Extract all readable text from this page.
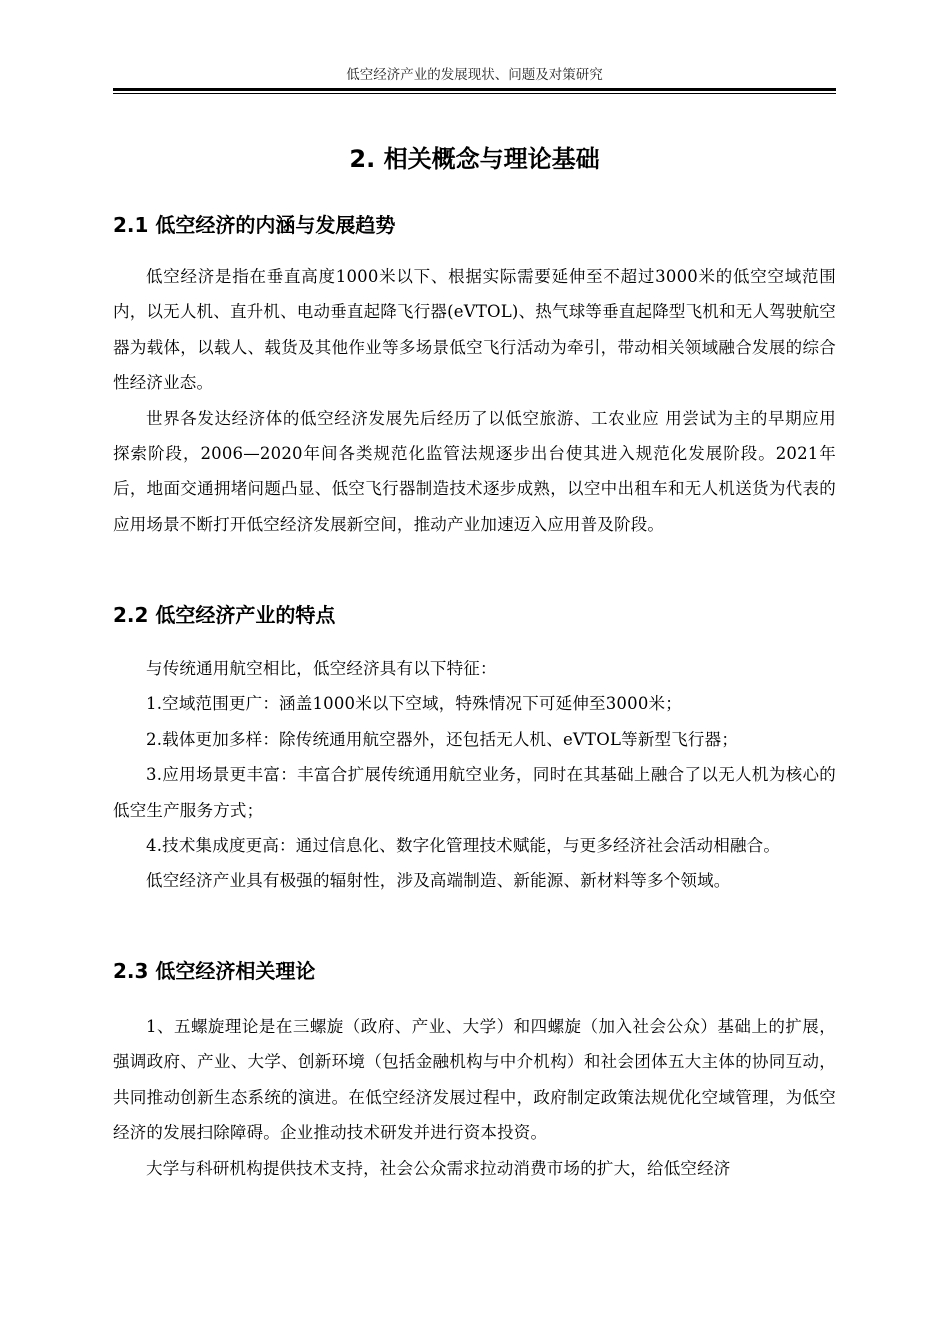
低空经济产业的发展现状、问题及对策研究
2. 相关概念与理论基础
2.1 低空经济的内涵与发展趋势

低空经济是指在垂直高度1000米以下、根据实际需要延伸至不超过3000米的低空空域范围内，以无人机、直升机、电动垂直起降飞行器(eVTOL)、热气球等垂直起降型飞机和无人驾驶航空器为载体，以载人、载货及其他作业等多场景低空飞行活动为牵引，带动相关领域融合发展的综合性经济业态。

世界各发达经济体的低空经济发展先后经历了以低空旅游、工农业应 用尝试为主的早期应用探索阶段，2006—2020年间各类规范化监管法规逐步出台使其进入规范化发展阶段。2021年后，地面交通拥堵问题凸显、低空飞行器制造技术逐步成熟，以空中出租车和无人机送货为代表的应用场景不断打开低空经济发展新空间，推动产业加速迈入应用普及阶段。

2.2 低空经济产业的特点

与传统通用航空相比，低空经济具有以下特征：

1.空域范围更广：涵盖1000米以下空域，特殊情况下可延伸至3000米；

2.载体更加多样：除传统通用航空器外，还包括无人机、eVTOL等新型飞行器；

3.应用场景更丰富：丰富合扩展传统通用航空业务，同时在其基础上融合了以无人机为核心的低空生产服务方式；

4.技术集成度更高：通过信息化、数字化管理技术赋能，与更多经济社会活动相融合。

低空经济产业具有极强的辐射性，涉及高端制造、新能源、新材料等多个领域。

2.3 低空经济相关理论

1、五螺旋理论是在三螺旋（政府、产业、大学）和四螺旋（加入社会公众）基础上的扩展，强调政府、产业、大学、创新环境（包括金融机构与中介机构）和社会团体五大主体的协同互动，共同推动创新生态系统的演进。在低空经济发展过程中，政府制定政策法规优化空域管理，为低空经济的发展扫除障碍。企业推动技术研发并进行资本投资。

大学与科研机构提供技术支持，社会公众需求拉动消费市场的扩大，给低空经济
